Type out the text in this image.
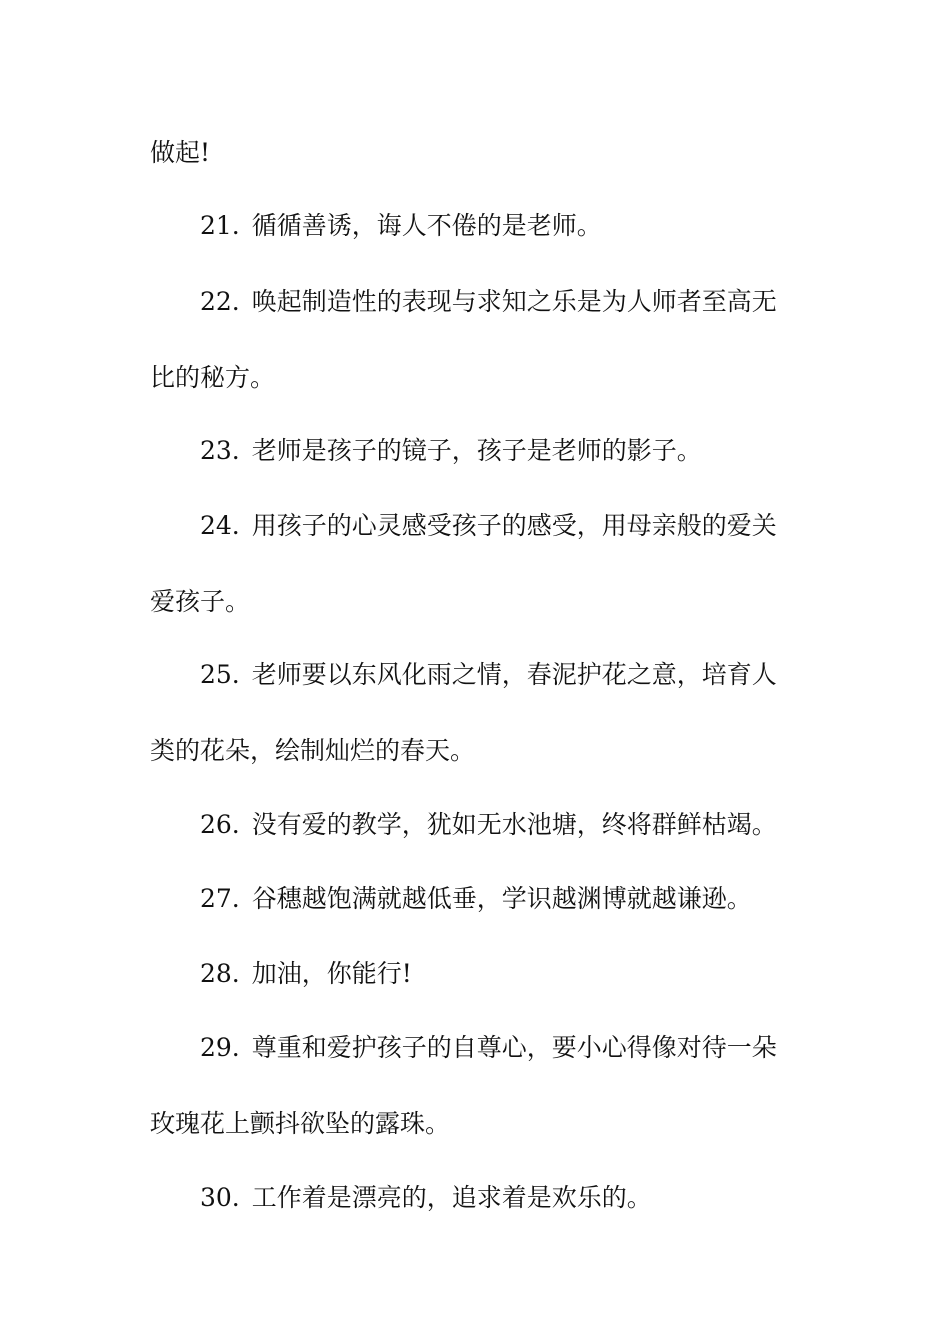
做起!
21. 循循善诱，诲人不倦的是老师。
22. 唤起制造性的表现与求知之乐是为人师者至高无
比的秘方。
23. 老师是孩子的镜子，孩子是老师的影子。
24. 用孩子的心灵感受孩子的感受，用母亲般的爱关
爱孩子。
25. 老师要以东风化雨之情，春泥护花之意，培育人
类的花朵，绘制灿烂的春天。
26. 没有爱的教学，犹如无水池塘，终将群鲜枯竭。
27. 谷穗越饱满就越低垂，学识越渊博就越谦逊。
28. 加油，你能行!
29. 尊重和爱护孩子的自尊心，要小心得像对待一朵
玫瑰花上颤抖欲坠的露珠。
30. 工作着是漂亮的，追求着是欢乐的。
